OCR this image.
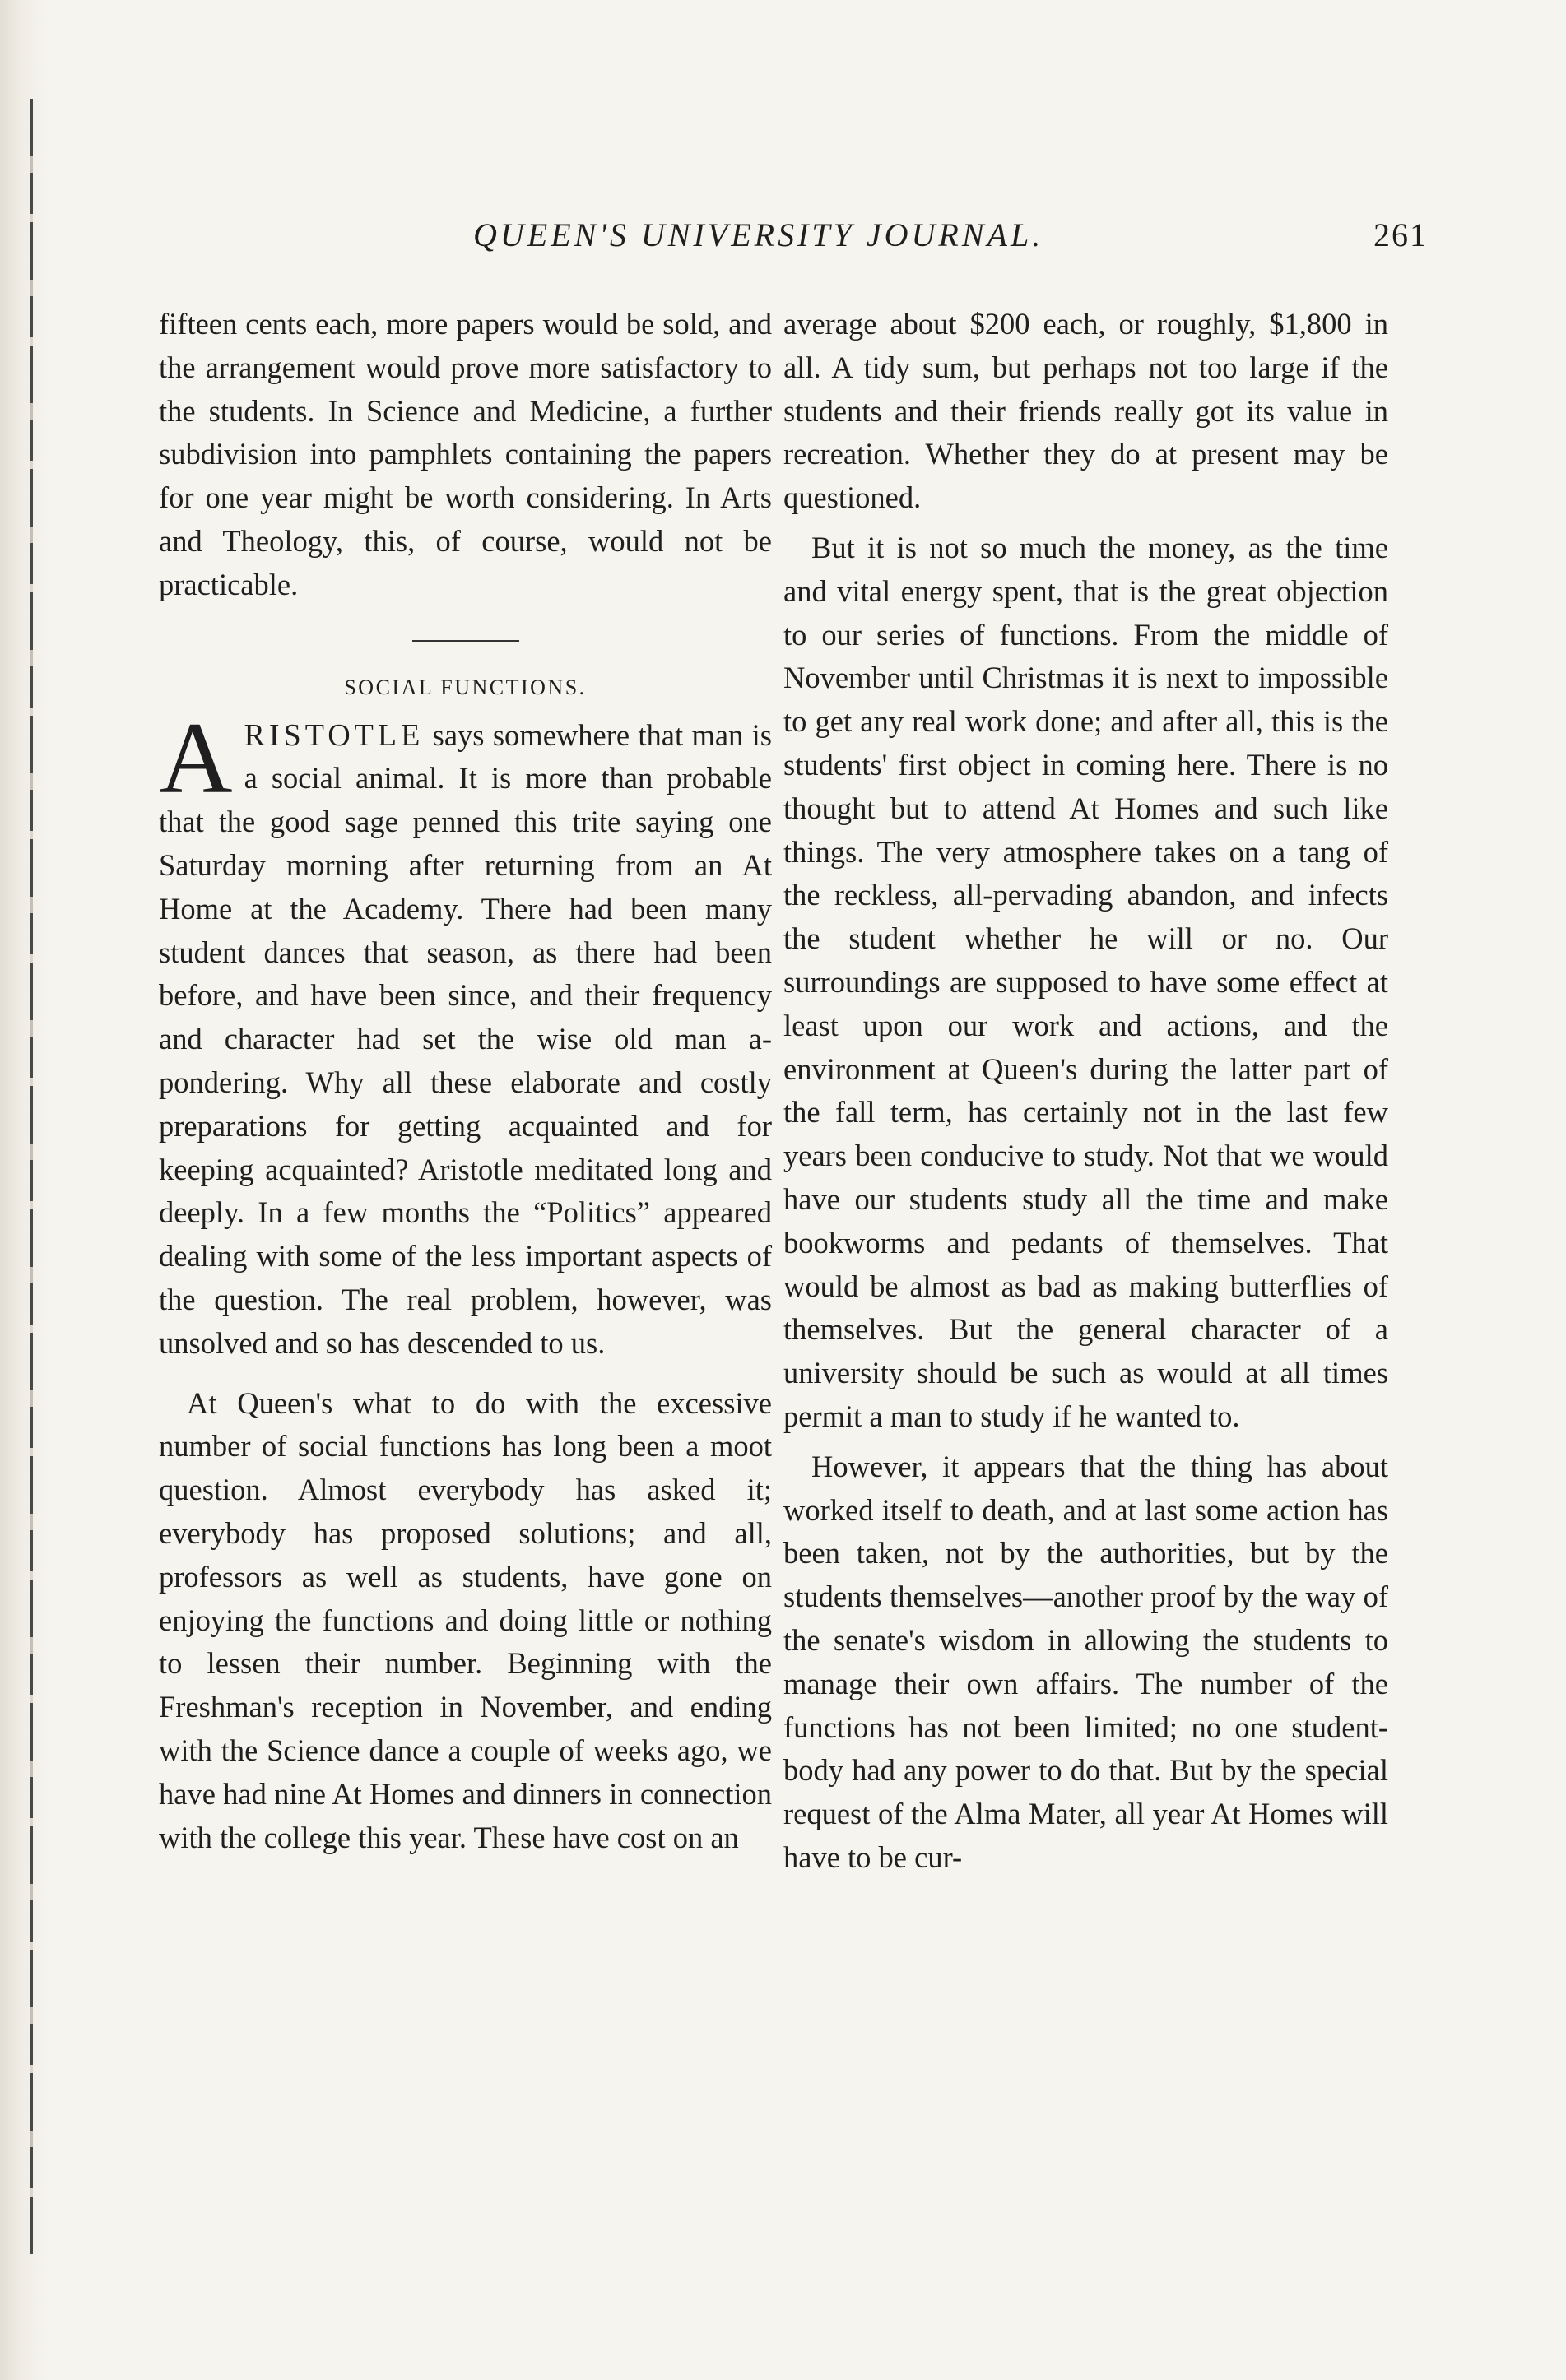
QUEEN'S UNIVERSITY JOURNAL.	261

fifteen cents each, more papers would be sold, and the arrangement would prove more satisfactory to the students. In Science and Medicine, a further subdivision into pamphlets containing the papers for one year might be worth considering. In Arts and Theology, this, of course, would not be practicable.

SOCIAL FUNCTIONS.

ARISTOTLE says somewhere that man is a social animal. It is more than probable that the good sage penned this trite saying one Saturday morning after returning from an At Home at the Academy. There had been many student dances that season, as there had been before, and have been since, and their frequency and character had set the wise old man a-pondering. Why all these elaborate and costly preparations for getting acquainted and for keeping acquainted? Aristotle meditated long and deeply. In a few months the “Politics” appeared dealing with some of the less important aspects of the question. The real problem, however, was unsolved and so has descended to us.

At Queen's what to do with the excessive number of social functions has long been a moot question. Almost everybody has asked it; everybody has proposed solutions; and all, professors as well as students, have gone on enjoying the functions and doing little or nothing to lessen their number. Beginning with the Freshman's reception in November, and ending with the Science dance a couple of weeks ago, we have had nine At Homes and dinners in connection with the college this year. These have cost on an

average about $200 each, or roughly, $1,800 in all. A tidy sum, but perhaps not too large if the students and their friends really got its value in recreation. Whether they do at present may be questioned.

But it is not so much the money, as the time and vital energy spent, that is the great objection to our series of functions. From the middle of November until Christmas it is next to impossible to get any real work done; and after all, this is the students' first object in coming here. There is no thought but to attend At Homes and such like things. The very atmosphere takes on a tang of the reckless, all-pervading abandon, and infects the student whether he will or no. Our surroundings are supposed to have some effect at least upon our work and actions, and the environment at Queen's during the latter part of the fall term, has certainly not in the last few years been conducive to study. Not that we would have our students study all the time and make bookworms and pedants of themselves. That would be almost as bad as making butterflies of themselves. But the general character of a university should be such as would at all times permit a man to study if he wanted to.

However, it appears that the thing has about worked itself to death, and at last some action has been taken, not by the authorities, but by the students themselves—another proof by the way of the senate's wisdom in allowing the students to manage their own affairs. The number of the functions has not been limited; no one student-body had any power to do that. But by the special request of the Alma Mater, all year At Homes will have to be cur-
